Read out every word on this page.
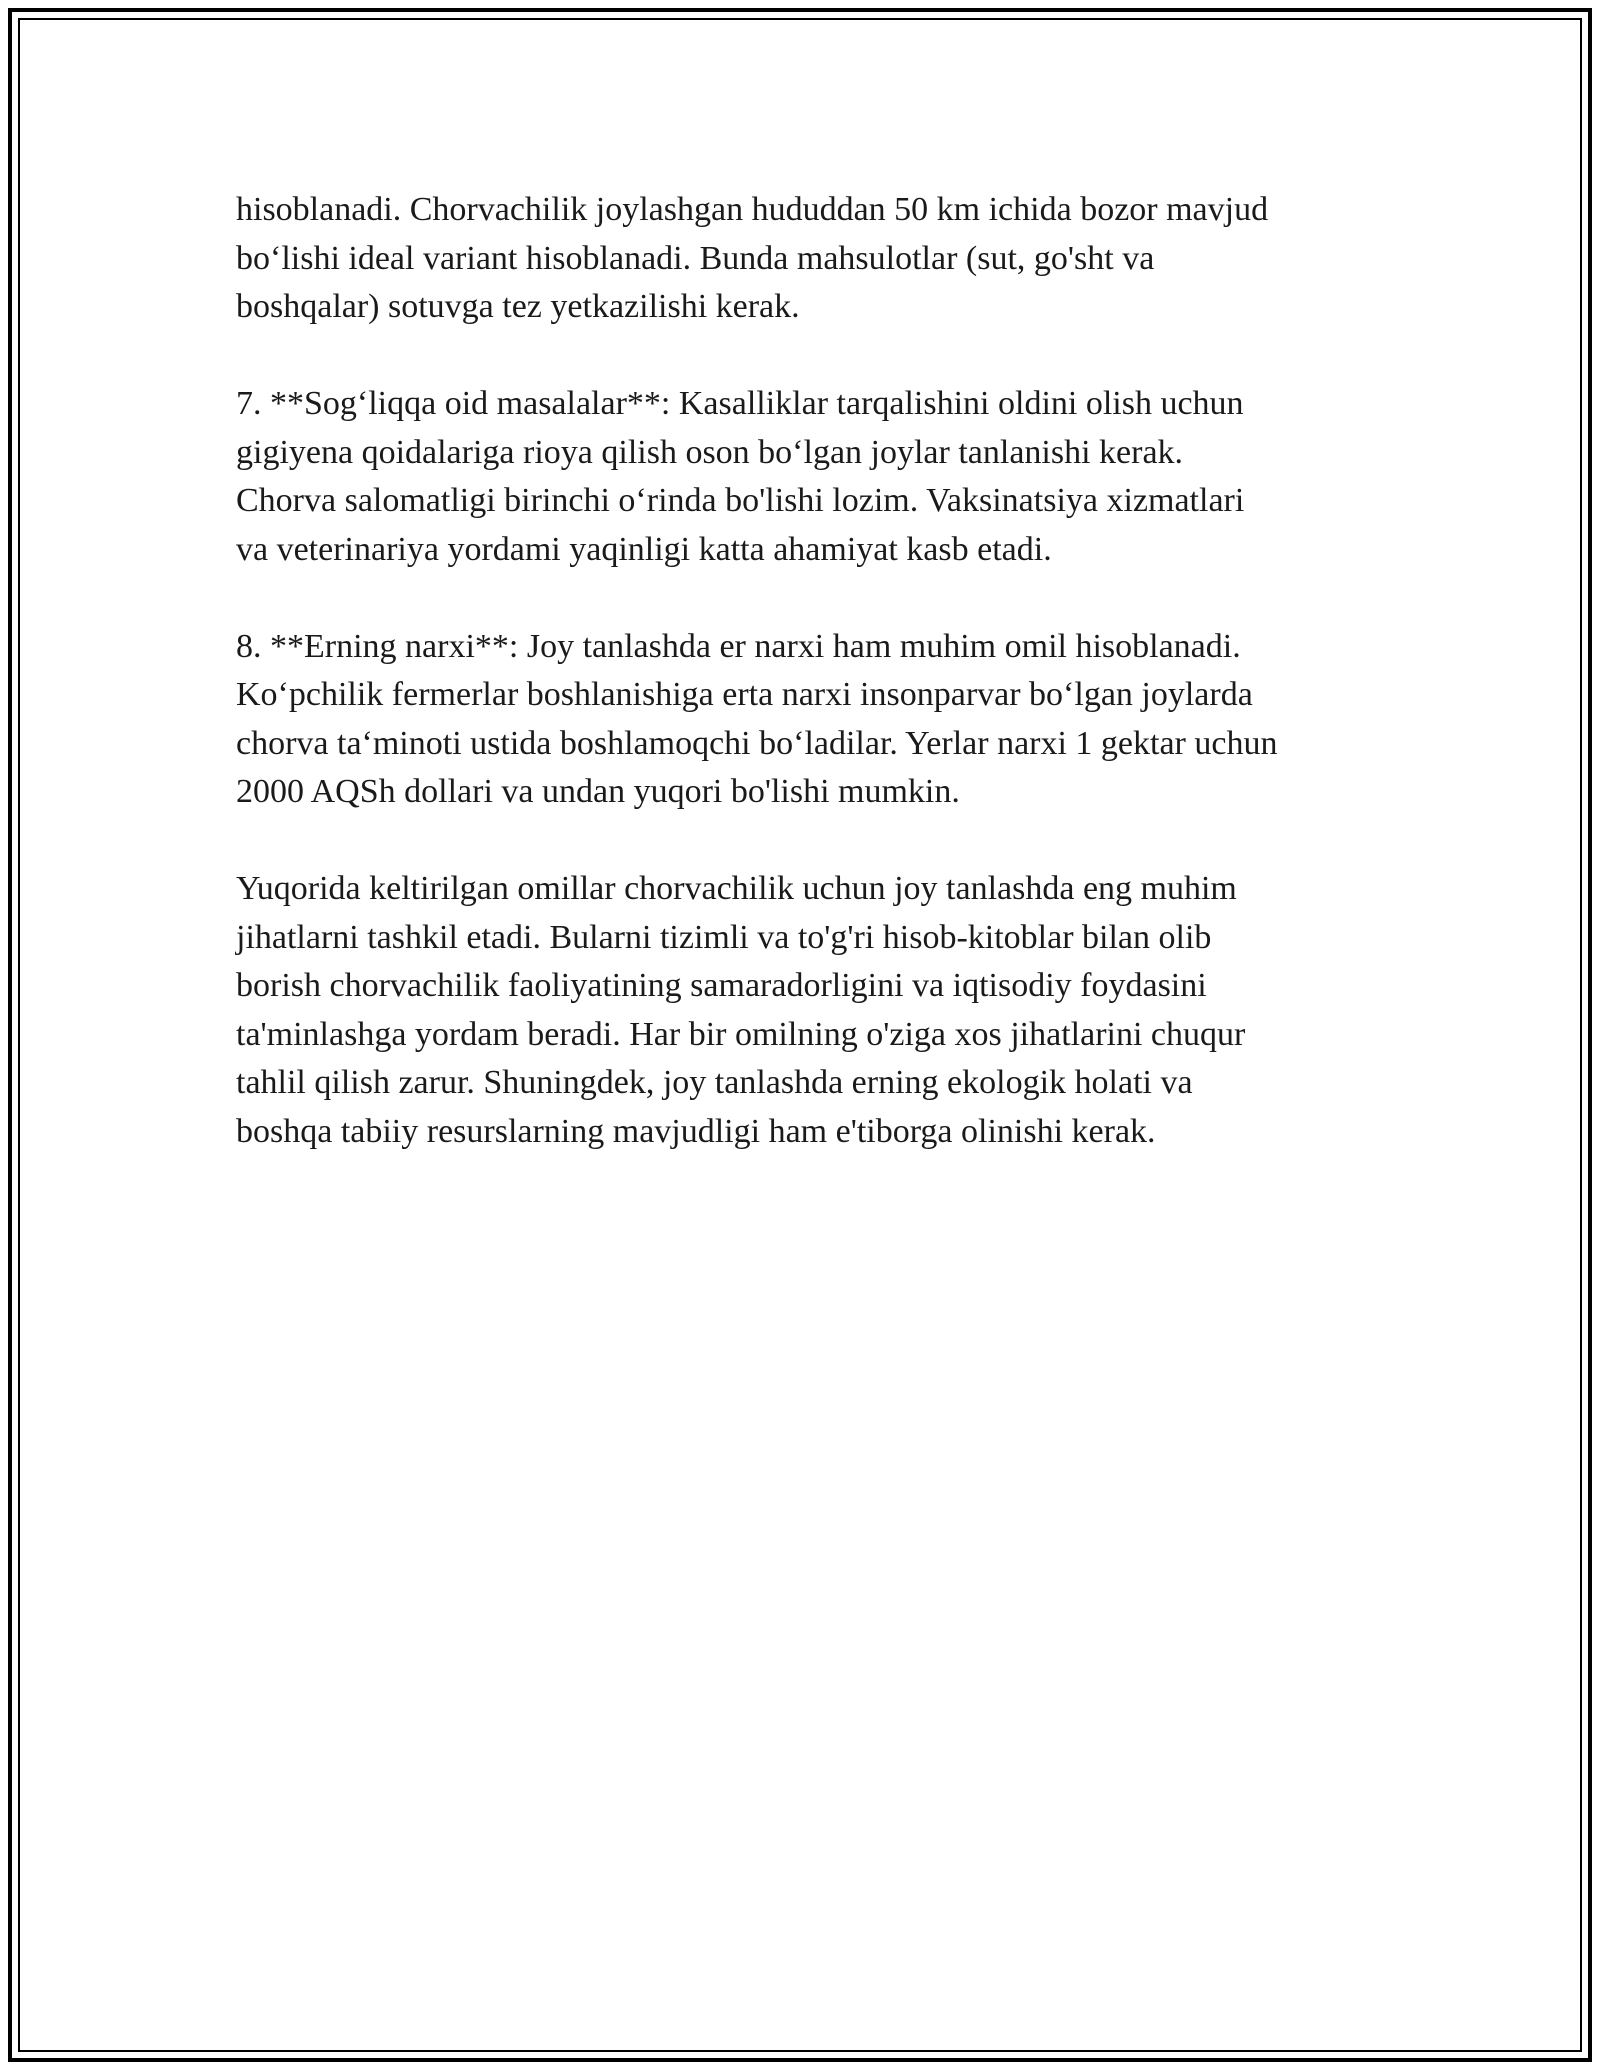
hisoblanadi. Chorvachilik joylashgan hududdan 50 km ichida bozor mavjud
bo‘lishi ideal variant hisoblanadi. Bunda mahsulotlar (sut, go'sht va
boshqalar) sotuvga tez yetkazilishi kerak.

7. **Sog‘liqqa oid masalalar**: Kasalliklar tarqalishini oldini olish uchun
gigiyena qoidalariga rioya qilish oson bo‘lgan joylar tanlanishi kerak.
Chorva salomatligi birinchi o‘rinda bo'lishi lozim. Vaksinatsiya xizmatlari
va veterinariya yordami yaqinligi katta ahamiyat kasb etadi.

8. **Erning narxi**: Joy tanlashda er narxi ham muhim omil hisoblanadi.
Ko‘pchilik fermerlar boshlanishiga erta narxi insonparvar bo‘lgan joylarda
chorva ta‘minoti ustida boshlamoqchi bo‘ladilar. Yerlar narxi 1 gektar uchun
2000 AQSh dollari va undan yuqori bo'lishi mumkin.

Yuqorida keltirilgan omillar chorvachilik uchun joy tanlashda eng muhim
jihatlarni tashkil etadi. Bularni tizimli va to'g'ri hisob-kitoblar bilan olib
borish chorvachilik faoliyatining samaradorligini va iqtisodiy foydasini
ta'minlashga yordam beradi. Har bir omilning o'ziga xos jihatlarini chuqur
tahlil qilish zarur. Shuningdek, joy tanlashda erning ekologik holati va
boshqa tabiiy resurslarning mavjudligi ham e'tiborga olinishi kerak.
